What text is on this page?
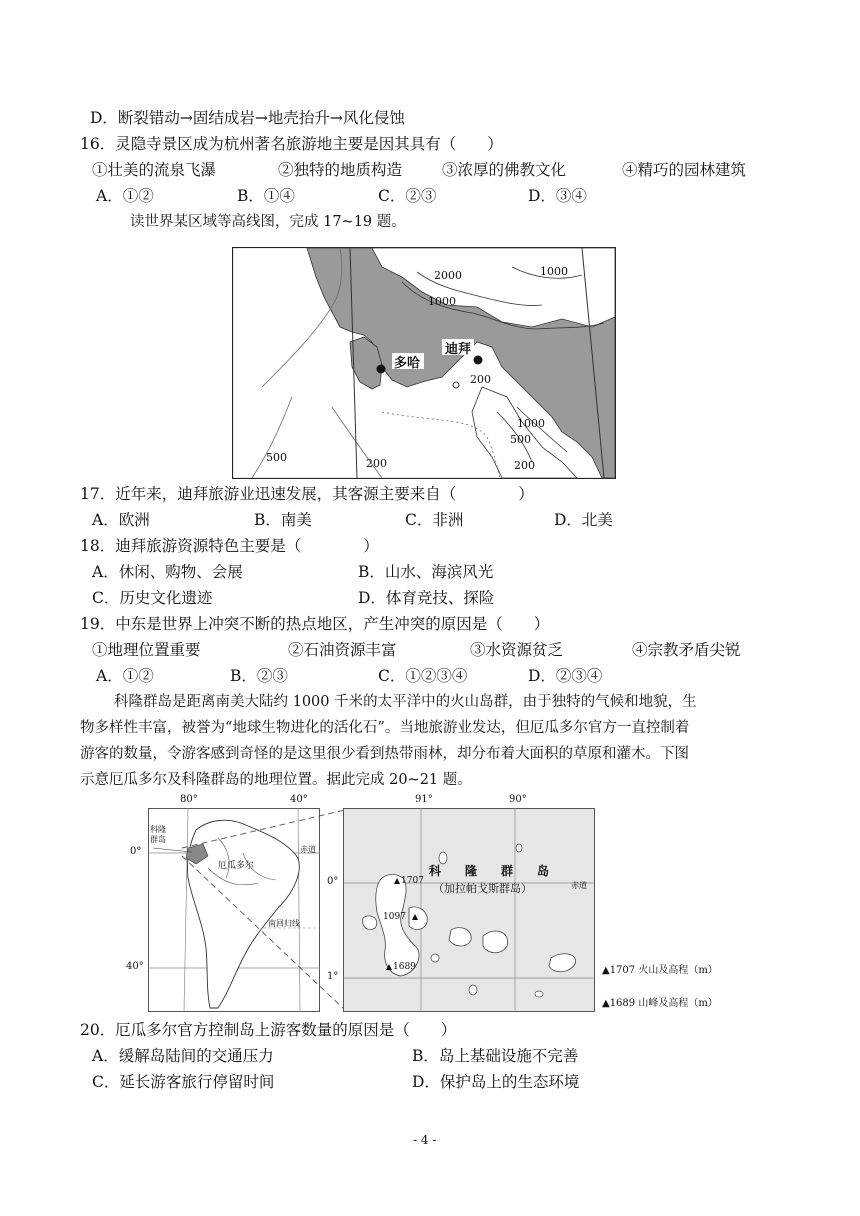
D．断裂错动→固结成岩→地壳抬升→风化侵蚀
16．灵隐寺景区成为杭州著名旅游地主要是因其具有（　　）
①壮美的流泉飞瀑	②独特的地质构造	③浓厚的佛教文化	④精巧的园林建筑
A．①②	B．①④	C．②③	D．③④
读世界某区域等高线图，完成 17~19 题。
多哈
迪拜
2000	1000
1000
1000
200
200	200
500
500
17．近年来，迪拜旅游业迅速发展，其客源主要来自（　　　　）
A．欧洲	B．南美	C．非洲	D．北美
18．迪拜旅游资源特色主要是（　　　　）
A．休闲、购物、会展	B．山水、海滨风光
C．历史文化遗迹	D．体育竞技、探险
19．中东是世界上冲突不断的热点地区，产生冲突的原因是（　　）
①地理位置重要	②石油资源丰富	③水资源贫乏	④宗教矛盾尖锐
A．①②	B．②③	C．①②③④	D．②③④
科隆群岛是距离南美大陆约 1000 千米的太平洋中的火山岛群，由于独特的气候和地貌，生
物多样性丰富，被誉为“地球生物进化的活化石”。当地旅游业发达，但厄瓜多尔官方一直控制着
游客的数量，令游客感到奇怪的是这里很少看到热带雨林，却分布着大面积的草原和灌木。下图
示意厄瓜多尔及科隆群岛的地理位置。据此完成 20~21 题。
80°	40°
0°
40°
科隆
群岛
厄瓜多尔
赤道
南回归线
91°	90°
0°
1°
科　　隆　　群　　岛
（加拉帕戈斯群岛）	赤道
1707
1097
1689	▲1707 火山及高程（m）
▲1689 山峰及高程（m）
20．厄瓜多尔官方控制岛上游客数量的原因是（　　）
A．缓解岛陆间的交通压力	B．岛上基础设施不完善
C．延长游客旅行停留时间	D．保护岛上的生态环境
- 4 -
